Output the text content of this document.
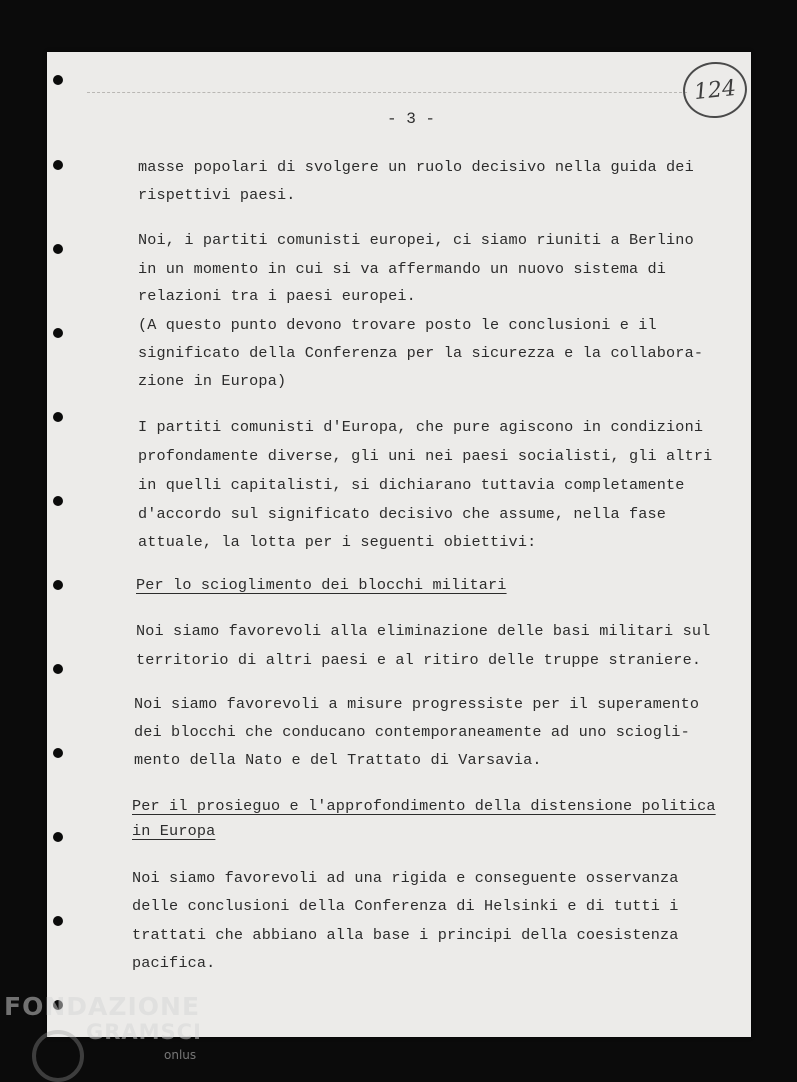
124
- 3 -
masse popolari di svolgere un ruolo decisivo nella guida dei
rispettivi paesi.
Noi, i partiti comunisti europei, ci siamo riuniti a Berlino
in un momento in cui si va affermando un nuovo sistema di
relazioni tra i paesi europei.
(A questo punto devono trovare posto le conclusioni e il
significato della Conferenza per la sicurezza e la collabora-
zione in Europa)
I partiti comunisti d'Europa, che pure agiscono in condizioni
profondamente diverse, gli uni nei paesi socialisti, gli altri
in quelli capitalisti, si dichiarano tuttavia completamente
d'accordo sul significato decisivo che assume, nella fase
attuale, la lotta per i seguenti obiettivi:
Per lo scioglimento dei blocchi militari
Noi siamo favorevoli alla eliminazione delle basi militari sul
territorio di altri paesi e al ritiro delle truppe straniere.
Noi siamo favorevoli a misure progressiste per il superamento
dei blocchi che conducano contemporaneamente ad uno sciogli-
mento della Nato e del Trattato di Varsavia.
Per il prosieguo e l'approfondimento della distensione politica
in Europa
Noi siamo favorevoli ad una rigida e conseguente osservanza
delle conclusioni della Conferenza di Helsinki e di tutti i
trattati che abbiano alla base i principi della coesistenza
pacifica.
FONDAZIONE
GRAMSCI
onlus
